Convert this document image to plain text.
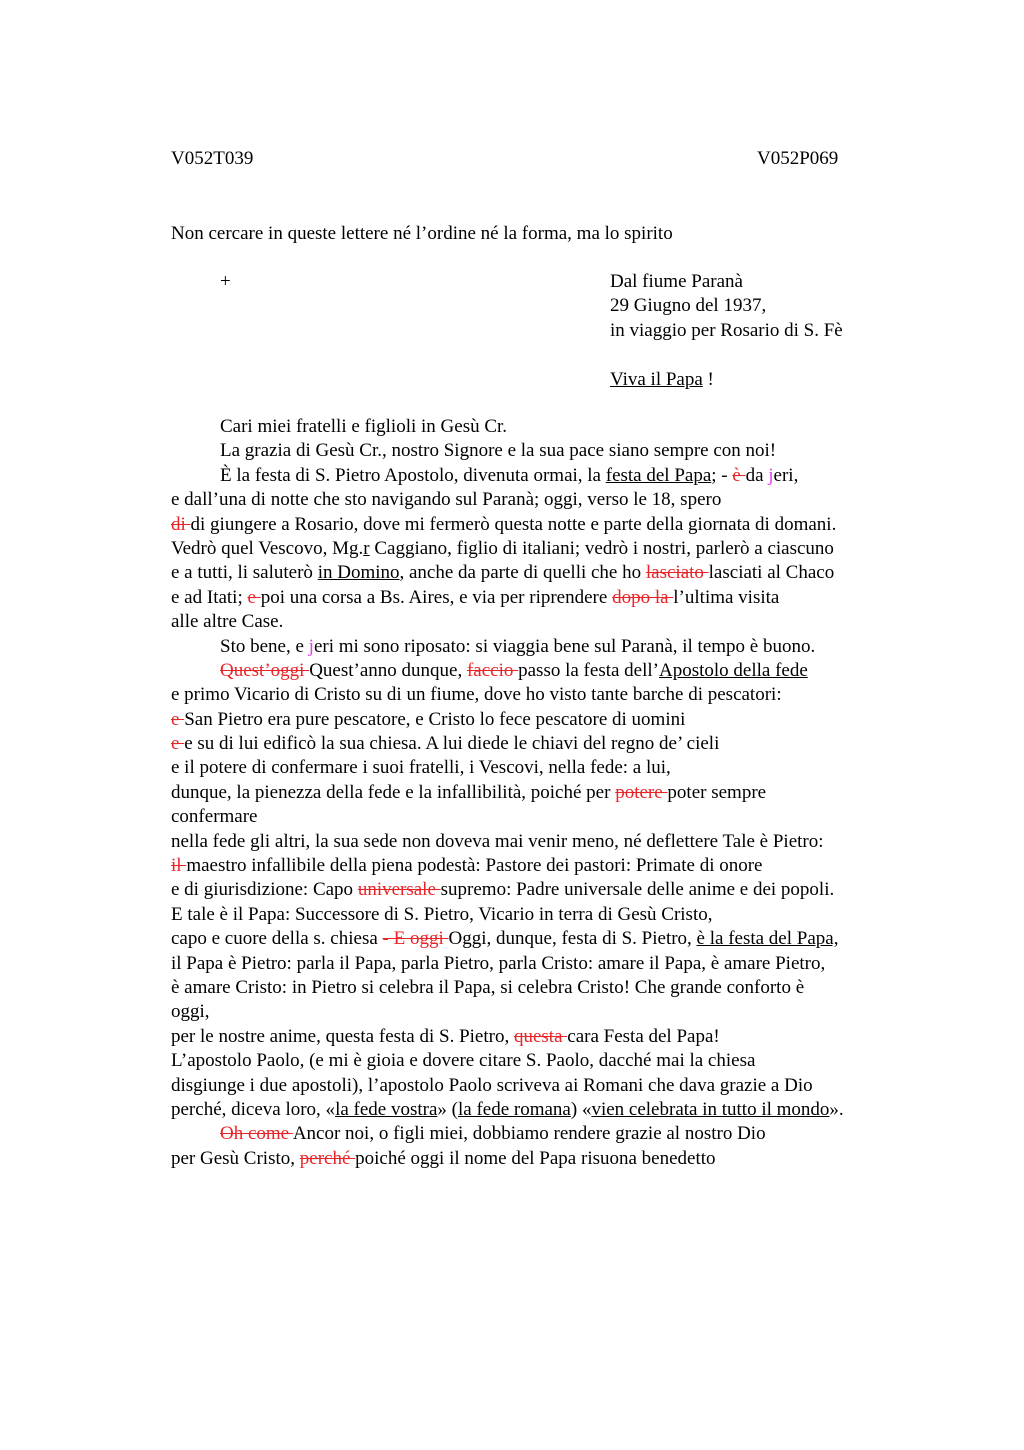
V052T039	V052P069
Non cercare in queste lettere né l’ordine né la forma, ma lo spirito
+	Dal fiume Paranà
29 Giugno del 1937,
in viaggio per Rosario di S. Fè
Viva il Papa !
Cari miei fratelli e figlioli in Gesù Cr.
La grazia di Gesù Cr., nostro Signore e la sua pace siano sempre con noi!
È la festa di S. Pietro Apostolo, divenuta ormai, la festa del Papa; - è da jeri,
e dall’una di notte che sto navigando sul Paranà; oggi, verso le 18, spero
di di giungere a Rosario, dove mi fermerò questa notte e parte della giornata di domani.
Vedrò quel Vescovo, Mg.r Caggiano, figlio di italiani; vedrò i nostri, parlerò a ciascuno
e a tutti, li saluterò in Domino, anche da parte di quelli che ho lasciato lasciati al Chaco
e ad Itati; e poi una corsa a Bs. Aires, e via per riprendere dopo la l’ultima visita
alle altre Case.
Sto bene, e jeri mi sono riposato: si viaggia bene sul Paranà, il tempo è buono.
Quest’oggi Quest’anno dunque, faccio passo la festa dell’Apostolo della fede
e primo Vicario di Cristo su di un fiume, dove ho visto tante barche di pescatori:
e San Pietro era pure pescatore, e Cristo lo fece pescatore di uomini
e e su di lui edificò la sua chiesa. A lui diede le chiavi del regno de’ cieli
e il potere di confermare i suoi fratelli, i Vescovi, nella fede: a lui,
dunque, la pienezza della fede e la infallibilità, poiché per potere poter sempre
confermare
nella fede gli altri, la sua sede non doveva mai venir meno, né deflettere Tale è Pietro:
il maestro infallibile della piena podestà: Pastore dei pastori: Primate di onore
e di giurisdizione: Capo universale supremo: Padre universale delle anime e dei popoli.
E tale è il Papa: Successore di S. Pietro, Vicario in terra di Gesù Cristo,
capo e cuore della s. chiesa - E oggi Oggi, dunque, festa di S. Pietro, è la festa del Papa,
il Papa è Pietro: parla il Papa, parla Pietro, parla Cristo: amare il Papa, è amare Pietro,
è amare Cristo: in Pietro si celebra il Papa, si celebra Cristo! Che grande conforto è
oggi,
per le nostre anime, questa festa di S. Pietro, questa cara Festa del Papa!
L’apostolo Paolo, (e mi è gioia e dovere citare S. Paolo, dacché mai la chiesa
disgiunge i due apostoli), l’apostolo Paolo scriveva ai Romani che dava grazie a Dio
perché, diceva loro, «la fede vostra» (la fede romana) «vien celebrata in tutto il mondo».
Oh come Ancor noi, o figli miei, dobbiamo rendere grazie al nostro Dio
per Gesù Cristo, perché poiché oggi il nome del Papa risuona benedetto
